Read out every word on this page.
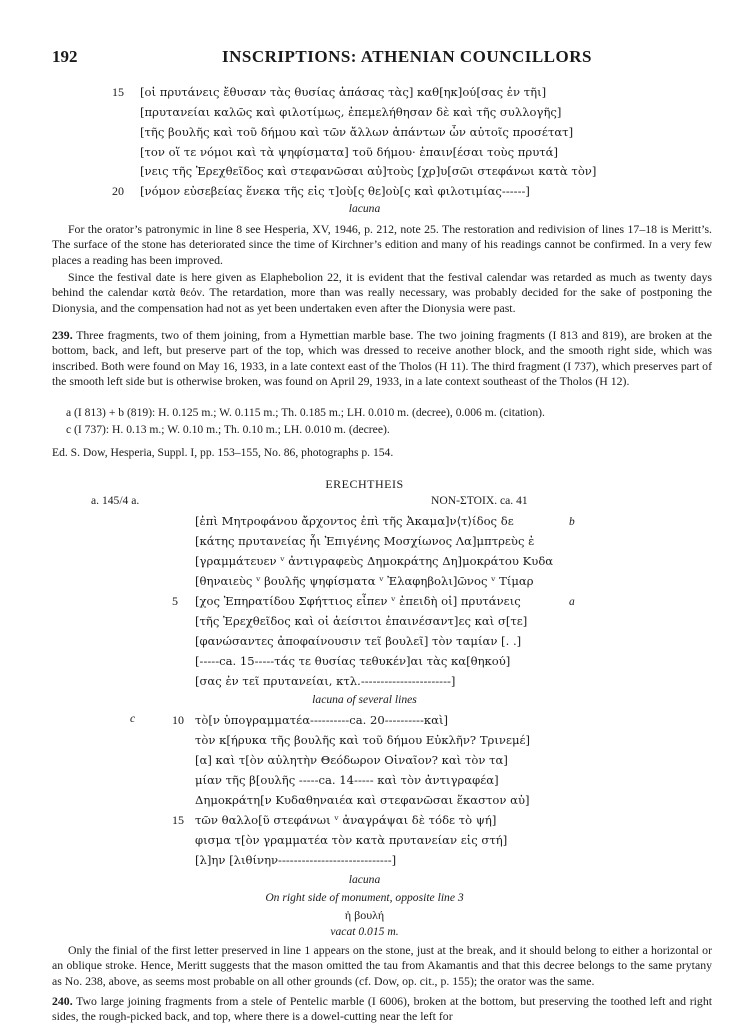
192	INSCRIPTIONS: ATHENIAN COUNCILLORS
15 [οἱ πρυτάνεις ἔθυσαν τὰς θυσίας ἁπάσας τὰς] καθ[ηκ]ού[σας ἐν τῆι]
[πρυτανείαι καλῶς καὶ φιλοτίμως, ἐπεμελήθησαν δὲ καὶ τῆς συλλογῆς]
[τῆς βουλῆς καὶ τοῦ δήμου καὶ τῶν ἄλλων ἁπάντων ὧν αὐτοῖς προσέτατ]
[τον οἵ τε νόμοι καὶ τὰ ψηφίσματα] τοῦ δήμου· ἐπαιν[έσαι τοὺς πρυτά]
[νεις τῆς Ἐρεχθεῖδος καὶ στεφανῶσαι αὐ]τοὺς [χρ]υ[σῶι στεφάνωι κατὰ τὸν]
20 [νόμον εὐσεβείας ἕνεκα τῆς εἰς τ]οὺ[ς θε]οὺ[ς καὶ φιλοτιμίας------]
lacuna
For the orator’s patronymic in line 8 see Hesperia, XV, 1946, p. 212, note 25. The restoration and redivision of lines 17–18 is Meritt’s. The surface of the stone has deteriorated since the time of Kirchner’s edition and many of his readings cannot be confirmed. In a very few places a reading has been improved.
Since the festival date is here given as Elaphebolion 22, it is evident that the festival calendar was retarded as much as twenty days behind the calendar κατὰ θεόν. The retardation, more than was really necessary, was probably decided for the sake of postponing the Dionysia, and the compensation had not as yet been undertaken even after the Dionysia were past.
239. Three fragments, two of them joining, from a Hymettian marble base. The two joining fragments (I 813 and 819), are broken at the bottom, back, and left, but preserve part of the top, which was dressed to receive another block, and the smooth right side, which was inscribed. Both were found on May 16, 1933, in a late context east of the Tholos (H 11). The third fragment (I 737), which preserves part of the smooth left side but is otherwise broken, was found on April 29, 1933, in a late context southeast of the Tholos (H 12).
a (I 813) + b (819): H. 0.125 m.; W. 0.115 m.; Th. 0.185 m.; LH. 0.010 m. (decree), 0.006 m. (citation).
c (I 737): H. 0.13 m.; W. 0.10 m.; Th. 0.10 m.; LH. 0.010 m. (decree).
Ed. S. Dow, Hesperia, Suppl. I, pp. 153–155, No. 86, photographs p. 154.
ERECHTHEIS
a. 145/4 a.	NON-ΣΤΟΙΧ. ca. 41
b
[ἐπὶ Μητροφάνου ἄρχοντος ἐπὶ τῆς Ἀκαμα]ν⟨τ⟩ίδος δε
[κάτης πρυτανείας ἧι Ἐπιγένης Μοσχίωνος Λα]μπτρεὺς ἐ
[γραμμάτευεν ᵛ ἀντιγραφεὺς Δημοκράτης Δη]μοκράτου Κυδα
[θηναιεὺς ᵛ βουλῆς ψηφίσματα ᵛ Ἐλαφηβολι]ῶνος ᵛ Τίμαρ
5 [χος Ἐπηρατίδου Σφήττιος εἶπεν ᵛ ἐπειδὴ οἱ] πρυτάνεις	a
[τῆς Ἐρεχθεῖδος καὶ οἱ ἀείσιτοι ἐπαινέσαντ]ες καὶ σ[τε]
[φανώσαντες ἀποφαίνουσιν τεῖ βουλεῖ] τὸν ταμίαν [. .]
[-----ca. 15-----τάς τε θυσίας τεθυκέν]αι τὰς κα[θηκού]
[σας ἐν τεῖ πρυτανείαι, κτλ.-----------------------]
lacuna of several lines
c	10 τὸ[ν ὑπογραμματέα----------ca. 20----------καὶ]
τὸν κ[ήρυκα τῆς βουλῆς καὶ τοῦ δήμου Εὐκλῆν? Τρινεμέ]
[α] καὶ τ[ὸν αὐλητὴν Θεόδωρον Οἰναῖον? καὶ τὸν τα]
μίαν τῆς β[ουλῆς -----ca. 14----- καὶ τὸν ἀντιγραφέα]
Δημοκράτη[ν Κυδαθηναιέα καὶ στεφανῶσαι ἕκαστον αὐ]
15 τῶν θαλλο[ῦ στεφάνωι ᵛ ἀναγράψαι δὲ τόδε τὸ ψή]
φισμα τ[ὸν γραμματέα τὸν κατὰ πρυτανείαν εἰς στή]
[λ]ην [λιθίνην-----------------------------]
lacuna
On right side of monument, opposite line 3
ἡ βουλή
vacat 0.015 m.
Only the finial of the first letter preserved in line 1 appears on the stone, just at the break, and it should belong to either a horizontal or an oblique stroke. Hence, Meritt suggests that the mason omitted the tau from Akamantis and that this decree belongs to the same prytany as No. 238, above, as seems most probable on all other grounds (cf. Dow, op. cit., p. 155); the orator was the same.
240. Two large joining fragments from a stele of Pentelic marble (I 6006), broken at the bottom, but preserving the toothed left and right sides, the rough-picked back, and top, where there is a dowel-cutting near the left for
